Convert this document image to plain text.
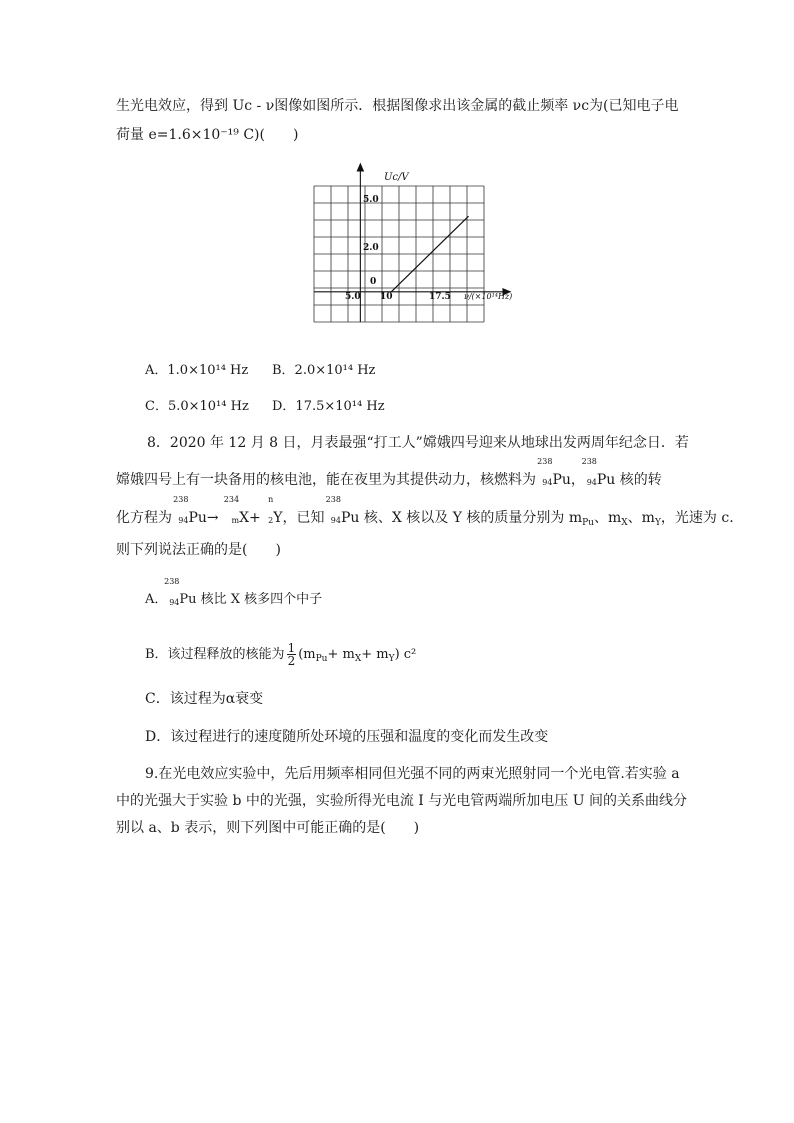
生光电效应，得到 Uc - ν图像如图所示．根据图像求出该金属的截止频率 νc为(已知电子电
荷量 e=1.6×10⁻¹⁹ C)(　　)
Uc/V
5.0
2.0
0
5.0 10	17.5 ν/(×10¹⁴Hz)
A．1.0×10¹⁴ Hz B．2.0×10¹⁴ Hz
C．5.0×10¹⁴ Hz D．17.5×10¹⁴ Hz
8．2020 年 12 月 8 日，月表最强“打工人”嫦娥四号迎来从地球出发两周年纪念日．若
嫦娥四号上有一块备用的核电池，能在夜里为其提供动力，核燃料为
238
94 Pu，
238
94 Pu 核的转
化方程为
238
94 Pu→
234
m X+
n
2 Y，已知
238
94 Pu 核、X 核以及 Y 核的质量分别为 $m_{Pu}$、$m_X$、$m_Y$，光速为 c.
则下列说法正确的是(　　)
A．
238
94 Pu 核比 X 核多四个中子
B．该过程释放的核能为 $\frac{1}{2} (m_{Pu}+ m_X+ m_Y)$ c²
C．该过程为α衰变
D．该过程进行的速度随所处环境的压强和温度的变化而发生改变
9.在光电效应实验中，先后用频率相同但光强不同的两束光照射同一个光电管.若实验 a
中的光强大于实验 b 中的光强，实验所得光电流 I 与光电管两端所加电压 U 间的关系曲线分
别以 a、b 表示，则下列图中可能正确的是(　　)
